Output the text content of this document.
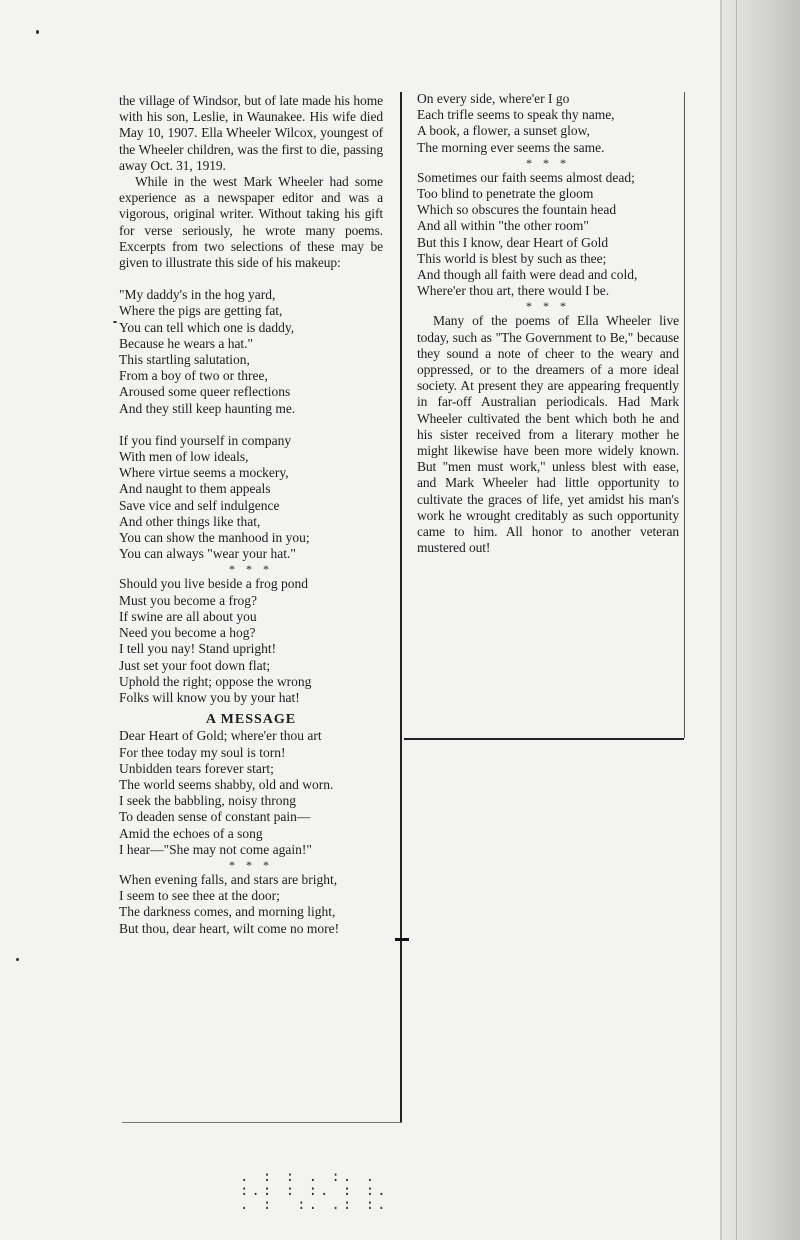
the village of Windsor, but of late made his home with his son, Leslie, in Waunakee. His wife died May 10, 1907. Ella Wheeler Wilcox, youngest of the Wheeler children, was the first to die, passing away Oct. 31, 1919.

While in the west Mark Wheeler had some experience as a newspaper editor and was a vigorous, original writer. Without taking his gift for verse seriously, he wrote many poems. Excerpts from two selections of these may be given to illustrate this side of his makeup:

"My daddy's in the hog yard,
Where the pigs are getting fat,
You can tell which one is daddy,
Because he wears a hat."
This startling salutation,
From a boy of two or three,
Aroused some queer reflections
And they still keep haunting me.
If you find yourself in company
With men of low ideals,
Where virtue seems a mockery,
And naught to them appeals
Save vice and self indulgence
And other things like that,
You can show the manhood in you;
You can always "wear your hat."

* * *

Should you live beside a frog pond
Must you become a frog?
If swine are all about you
Need you become a hog?
I tell you nay! Stand upright!
Just set your foot down flat;
Uphold the right; oppose the wrong
Folks will know you by your hat!

A MESSAGE

Dear Heart of Gold; where'er thou art
For thee today my soul is torn!
Unbidden tears forever start;
The world seems shabby, old and worn.
I seek the babbling, noisy throng
To deaden sense of constant pain—
Amid the echoes of a song
I hear—"She may not come again!"

* * *

When evening falls, and stars are bright,
I seem to see thee at the door;
The darkness comes, and morning light,
But thou, dear heart, wilt come no more!
On every side, where'er I go
Each trifle seems to speak thy name,
A book, a flower, a sunset glow,
The morning ever seems the same.

* * *

Sometimes our faith seems almost dead;
Too blind to penetrate the gloom
Which so obscures the fountain head
And all within "the other room"
But this I know, dear Heart of Gold
This world is blest by such as thee;
And though all faith were dead and cold,
Where'er thou art, there would I be.

* * *

Many of the poems of Ella Wheeler live today, such as "The Government to Be," because they sound a note of cheer to the weary and oppressed, or to the dreamers of a more ideal society. At present they are appearing frequently in far-off Australian periodicals. Had Mark Wheeler cultivated the bent which both he and his sister received from a literary mother he might likewise have been more widely known. But "men must work," unless blest with ease, and Mark Wheeler had little opportunity to cultivate the graces of life, yet amidst his man's work he wrought creditably as such opportunity came to him. All honor to another veteran mustered out!

. : : . :. .
:.: : :. : :.
. :  :. .: :.
